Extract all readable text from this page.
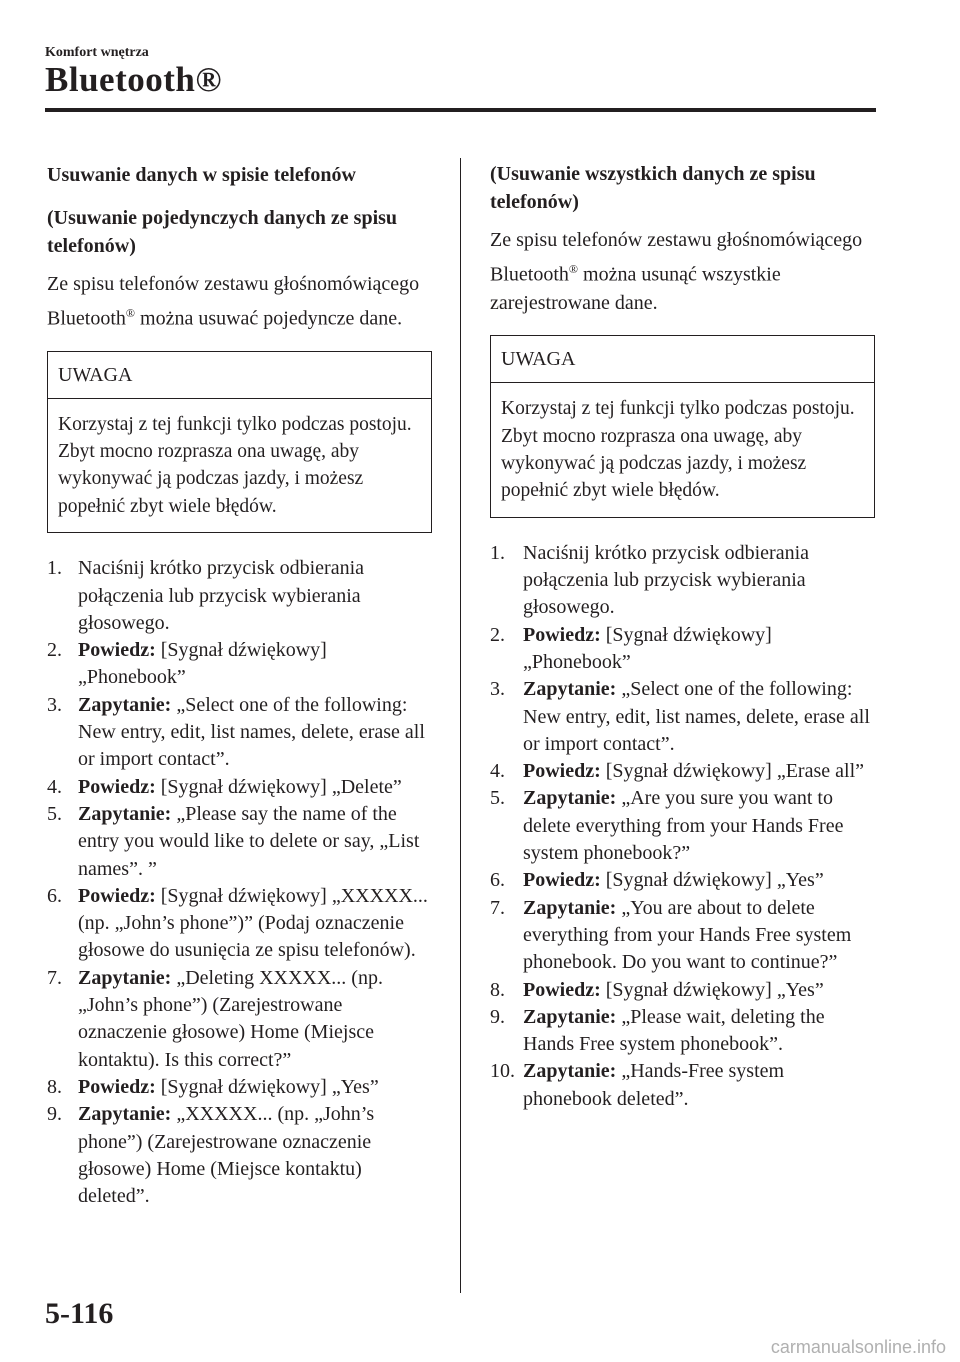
Komfort wnętrza
Bluetooth®
Usuwanie danych w spisie telefonów
(Usuwanie pojedynczych danych ze spisu telefonów)

Ze spisu telefonów zestawu głośnomówiącego Bluetooth® można usuwać pojedyncze dane.

UWAGA
Korzystaj z tej funkcji tylko podczas postoju. Zbyt mocno rozprasza ona uwagę, aby wykonywać ją podczas jazdy, i możesz popełnić zbyt wiele błędów.
1. Naciśnij krótko przycisk odbierania połączenia lub przycisk wybierania głosowego.
2. Powiedz: [Sygnał dźwiękowy] „Phonebook”
3. Zapytanie: „Select one of the following: New entry, edit, list names, delete, erase all or import contact”.
4. Powiedz: [Sygnał dźwiękowy] „Delete”
5. Zapytanie: „Please say the name of the entry you would like to delete or say, „List names”. ”
6. Powiedz: [Sygnał dźwiękowy] „XXXXX... (np. „John’s phone”)” (Podaj oznaczenie głosowe do usunięcia ze spisu telefonów).
7. Zapytanie: „Deleting XXXXX... (np. „John’s phone”) (Zarejestrowane oznaczenie głosowe) Home (Miejsce kontaktu). Is this correct?”
8. Powiedz: [Sygnał dźwiękowy] „Yes”
9. Zapytanie: „XXXXX... (np. „John’s phone”) (Zarejestrowane oznaczenie głosowe) Home (Miejsce kontaktu) deleted”.
(Usuwanie wszystkich danych ze spisu telefonów)

Ze spisu telefonów zestawu głośnomówiącego Bluetooth® można usunąć wszystkie zarejestrowane dane.

UWAGA
Korzystaj z tej funkcji tylko podczas postoju. Zbyt mocno rozprasza ona uwagę, aby wykonywać ją podczas jazdy, i możesz popełnić zbyt wiele błędów.
1. Naciśnij krótko przycisk odbierania połączenia lub przycisk wybierania głosowego.
2. Powiedz: [Sygnał dźwiękowy] „Phonebook”
3. Zapytanie: „Select one of the following: New entry, edit, list names, delete, erase all or import contact”.
4. Powiedz: [Sygnał dźwiękowy] „Erase all”
5. Zapytanie: „Are you sure you want to delete everything from your Hands Free system phonebook?”
6. Powiedz: [Sygnał dźwiękowy] „Yes”
7. Zapytanie: „You are about to delete everything from your Hands Free system phonebook. Do you want to continue?”
8. Powiedz: [Sygnał dźwiękowy] „Yes”
9. Zapytanie: „Please wait, deleting the Hands Free system phonebook”.
10. Zapytanie: „Hands-Free system phonebook deleted”.
5-116
carmanualsonline.info
